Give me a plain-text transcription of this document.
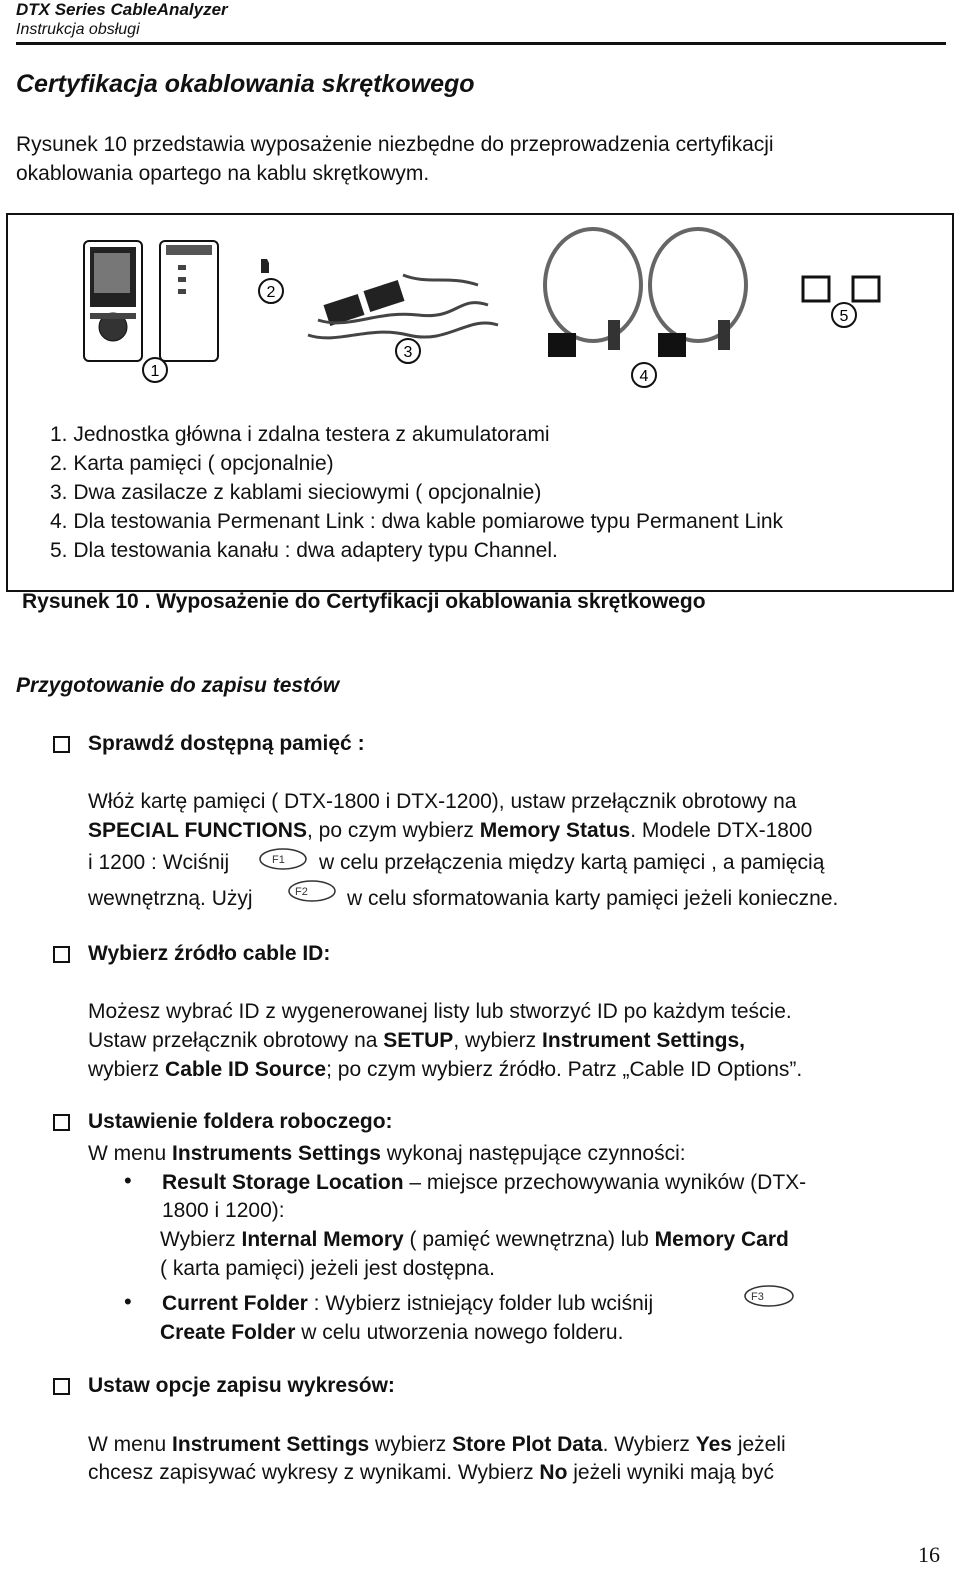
DTX Series CableAnalyzer
Instrukcja obsługi
Certyfikacja okablowania skrętkowego
Rysunek 10 przedstawia wyposażenie niezbędne do przeprowadzenia certyfikacji
okablowania opartego na kablu skrętkowym.
1
2
3
4
5
1. Jednostka główna i zdalna testera z akumulatorami
2. Karta pamięci ( opcjonalnie)
3. Dwa zasilacze z kablami sieciowymi ( opcjonalnie)
4. Dla testowania Permenant Link : dwa kable pomiarowe typu Permanent Link
5. Dla testowania kanału : dwa adaptery typu Channel.
Rysunek 10 . Wyposażenie do Certyfikacji okablowania skrętkowego
Przygotowanie do zapisu testów
Sprawdź dostępną pamięć :
Włóż kartę pamięci ( DTX-1800 i DTX-1200), ustaw przełącznik obrotowy na
SPECIAL FUNCTIONS, po czym wybierz Memory Status. Modele DTX-1800
i 1200 : Wciśnij	F1 w celu przełączenia między kartą pamięci , a pamięcią
wewnętrzną. Użyj	F2 w celu sformatowania karty pamięci jeżeli konieczne.
Wybierz źródło cable ID:
Możesz wybrać ID z wygenerowanej listy lub stworzyć ID po każdym teście.
Ustaw przełącznik obrotowy na SETUP, wybierz Instrument Settings,
wybierz Cable ID Source; po czym wybierz źródło. Patrz „Cable ID Options”.
Ustawienie foldera roboczego:
W menu Instruments Settings wykonaj następujące czynności:
• Result Storage Location – miejsce przechowywania wyników (DTX-
1800 i 1200):
Wybierz Internal Memory ( pamięć wewnętrzna) lub Memory Card
( karta pamięci) jeżeli jest dostępna.
• Current Folder : Wybierz istniejący folder lub wciśnij	F3
Create Folder w celu utworzenia nowego folderu.
Ustaw opcje zapisu wykresów:
W menu Instrument Settings wybierz Store Plot Data. Wybierz Yes jeżeli
chcesz zapisywać wykresy z wynikami. Wybierz No jeżeli wyniki mają być
16
